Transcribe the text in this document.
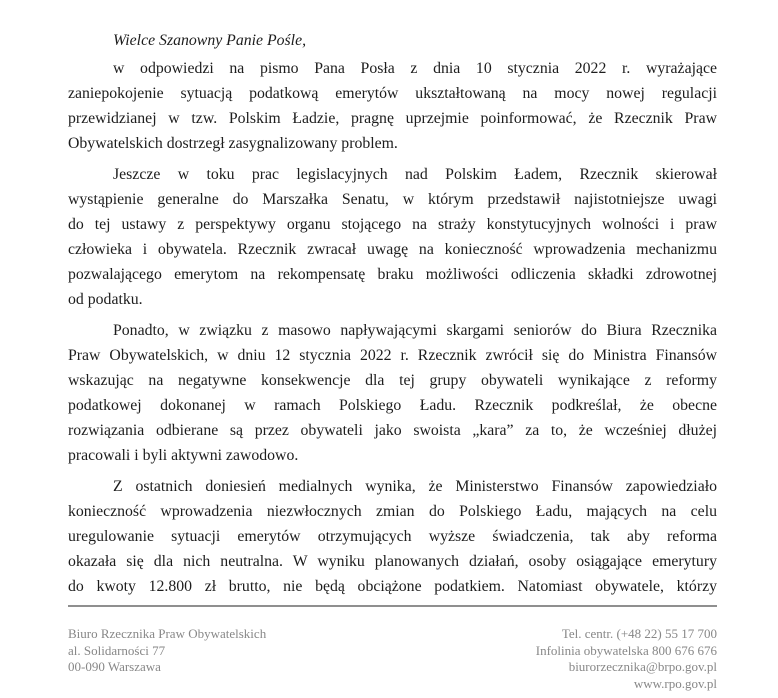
Wielce Szanowny Panie Pośle,
w odpowiedzi na pismo Pana Posła z dnia 10 stycznia 2022 r. wyrażające
zaniepokojenie sytuacją podatkową emerytów ukształtowaną na mocy nowej regulacji
przewidzianej w tzw. Polskim Ładzie, pragnę uprzejmie poinformować, że Rzecznik Praw
Obywatelskich dostrzegł zasygnalizowany problem.
Jeszcze w toku prac legislacyjnych nad Polskim Ładem, Rzecznik skierował
wystąpienie generalne do Marszałka Senatu, w którym przedstawił najistotniejsze uwagi
do tej ustawy z perspektywy organu stojącego na straży konstytucyjnych wolności i praw
człowieka i obywatela. Rzecznik zwracał uwagę na konieczność wprowadzenia mechanizmu
pozwalającego emerytom na rekompensatę braku możliwości odliczenia składki zdrowotnej
od podatku.
Ponadto, w związku z masowo napływającymi skargami seniorów do Biura Rzecznika
Praw Obywatelskich, w dniu 12 stycznia 2022 r. Rzecznik zwrócił się do Ministra Finansów
wskazując na negatywne konsekwencje dla tej grupy obywateli wynikające z reformy
podatkowej dokonanej w ramach Polskiego Ładu. Rzecznik podkreślał, że obecne
rozwiązania odbierane są przez obywateli jako swoista „kara” za to, że wcześniej dłużej
pracowali i byli aktywni zawodowo.
Z ostatnich doniesień medialnych wynika, że Ministerstwo Finansów zapowiedziało
konieczność wprowadzenia niezwłocznych zmian do Polskiego Ładu, mających na celu
uregulowanie sytuacji emerytów otrzymujących wyższe świadczenia, tak aby reforma
okazała się dla nich neutralna. W wyniku planowanych działań, osoby osiągające emerytury
do kwoty 12.800 zł brutto, nie będą obciążone podatkiem. Natomiast obywatele, którzy
Biuro Rzecznika Praw Obywatelskich
al. Solidarności 77
00-090 Warszawa
Tel. centr. (+48 22) 55 17 700
Infolinia obywatelska 800 676 676
biurorzecznika@brpo.gov.pl
www.rpo.gov.pl
